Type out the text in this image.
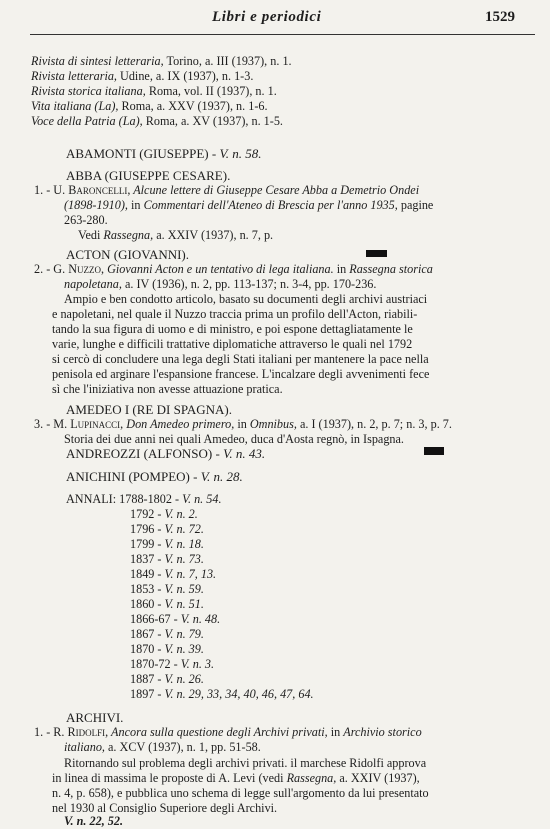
Libri e periodici	1529
Rivista di sintesi letteraria, Torino, a. III (1937), n. 1.
Rivista letteraria, Udine, a. IX (1937), n. 1-3.
Rivista storica italiana, Roma, vol. II (1937), n. 1.
Vita italiana (La), Roma, a. XXV (1937), n. 1-6.
Voce della Patria (La), Roma, a. XV (1937), n. 1-5.
ABAMONTI (GIUSEPPE) - V. n. 58.
ABBA (GIUSEPPE CESARE).
1. - U. Baroncelli, Alcune lettere di Giuseppe Cesare Abba a Demetrio Ondei
(1898-1910), in Commentari dell'Ateneo di Brescia per l'anno 1935, pagine
263-280.
Vedi Rassegna, a. XXIV (1937), n. 7, p.
ACTON (GIOVANNI).
2. - G. Nuzzo, Giovanni Acton e un tentativo di lega italiana. in Rassegna storica
napoletana, a. IV (1936), n. 2, pp. 113-137; n. 3-4, pp. 170-236.
Ampio e ben condotto articolo, basato su documenti degli archivi austriaci
e napoletani, nel quale il Nuzzo traccia prima un profilo dell'Acton, riabili-
tando la sua figura di uomo e di ministro, e poi espone dettagliatamente le
varie, lunghe e difficili trattative diplomatiche attraverso le quali nel 1792
si cercò di concludere una lega degli Stati italiani per mantenere la pace nella
penisola ed arginare l'espansione francese. L'incalzare degli avvenimenti fece
sì che l'iniziativa non avesse attuazione pratica.
AMEDEO I (RE DI SPAGNA).
3. - M. Lupinacci, Don Amedeo primero, in Omnibus, a. I (1937), n. 2, p. 7; n. 3, p. 7.
Storia dei due anni nei quali Amedeo, duca d'Aosta regnò, in Ispagna.
ANDREOZZI (ALFONSO) - V. n. 43.
ANICHINI (POMPEO) - V. n. 28.
ANNALI: 1788-1802 - V. n. 54.
1792 - V. n. 2.
1796 - V. n. 72.
1799 - V. n. 18.
1837 - V. n. 73.
1849 - V. n. 7, 13.
1853 - V. n. 59.
1860 - V. n. 51.
1866-67 - V. n. 48.
1867 - V. n. 79.
1870 - V. n. 39.
1870-72 - V. n. 3.
1887 - V. n. 26.
1897 - V. n. 29, 33, 34, 40, 46, 47, 64.
ARCHIVI.
1. - R. Ridolfi, Ancora sulla questione degli Archivi privati, in Archivio storico
italiano, a. XCV (1937), n. 1, pp. 51-58.
Ritornando sul problema degli archivi privati. il marchese Ridolfi approva
in linea di massima le proposte di A. Levi (vedi Rassegna, a. XXIV (1937),
n. 4, p. 658), e pubblica uno schema di legge sull'argomento da lui presentato
nel 1930 al Consiglio Superiore degli Archivi.
V. n. 22, 52.
